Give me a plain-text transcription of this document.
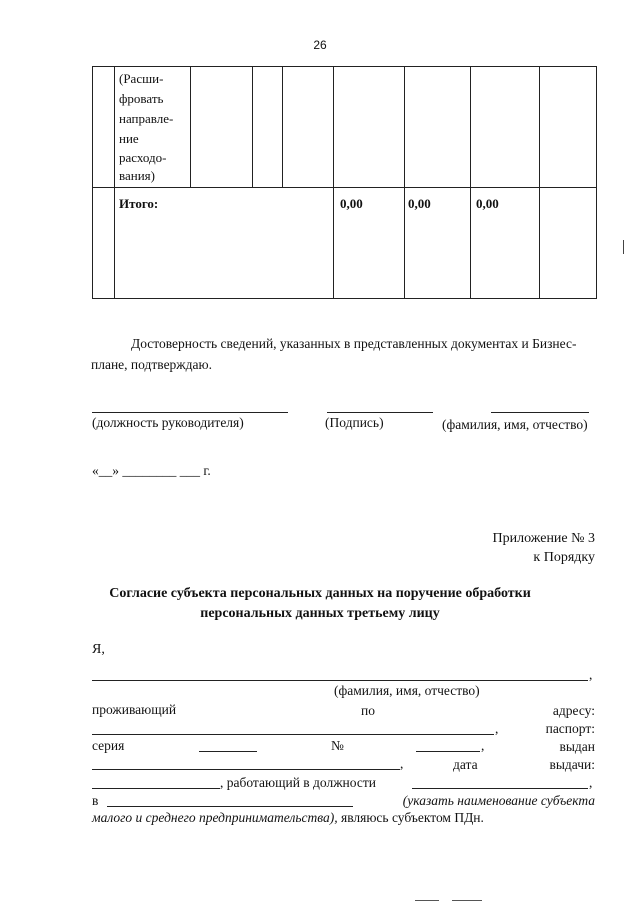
26
(Расши-
фровать
направле-
ние
расходо-
вания)
Итого:	0,00	0,00	0,00
Достоверность сведений, указанных в представленных документах и Бизнес-
плане, подтверждаю.
(должность руководителя)	(Подпись)	(фамилия, имя, отчество)
«__» ________ ___ г.
Приложение № 3
к Порядку
Согласие субъекта персональных данных на поручение обработки
персональных данных третьему лицу
Я,
,
(фамилия, имя, отчество)
проживающий	по	адресу:
,	паспорт:
серия	№	,	выдан
,	дата	выдачи:
, работающий в должности	,
в	(указать наименование субъекта
малого и среднего предпринимательства), являюсь субъектом ПДн.
